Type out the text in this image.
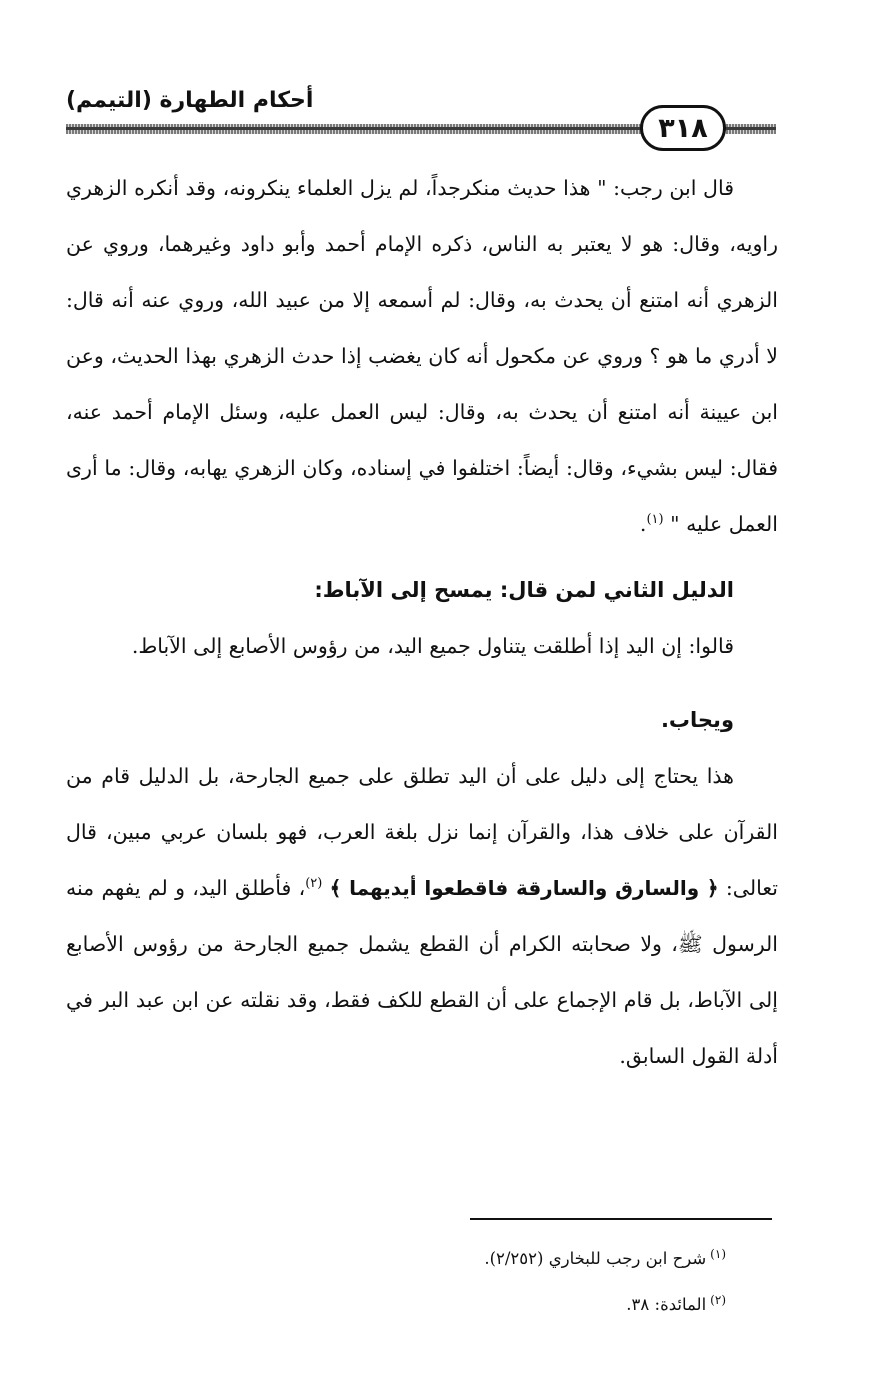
أحكام الطهارة (التيمم)
٣١٨

قال ابن رجب: " هذا حديث منكرجداً، لم يزل العلماء ينكرونه، وقد أنكره الزهري راويه، وقال: هو لا يعتبر به الناس، ذكره الإمام أحمد وأبو داود وغيرهما، وروي عن الزهري أنه امتنع أن يحدث به، وقال: لم أسمعه إلا من عبيد الله، وروي عنه أنه قال: لا أدري ما هو ؟ وروي عن مكحول أنه كان يغضب إذا حدث الزهري بهذا الحديث، وعن ابن عيينة أنه امتنع أن يحدث به، وقال: ليس العمل عليه، وسئل الإمام أحمد عنه، فقال: ليس بشيء، وقال: أيضاً: اختلفوا في إسناده، وكان الزهري يهابه، وقال: ما أرى العمل عليه " $^{(١)}$.

الدليل الثاني لمن قال: يمسح إلى الآباط:

قالوا: إن اليد إذا أطلقت يتناول جميع اليد، من رؤوس الأصابع إلى الآباط.

ويجاب.

هذا يحتاج إلى دليل على أن اليد تطلق على جميع الجارحة، بل الدليل قام من القرآن على خلاف هذا، والقرآن إنما نزل بلغة العرب، فهو بلسان عربي مبين، قال تعالى: ﴿ والسارق والسارقة فاقطعوا أيديهما ﴾ $^{(٢)}$، فأطلق اليد، و لم يفهم منه الرسول ﷺ، ولا صحابته الكرام أن القطع يشمل جميع الجارحة من رؤوس الأصابع إلى الآباط، بل قام الإجماع على أن القطع للكف فقط، وقد نقلته عن ابن عبد البر في أدلة القول السابق.

$^{(١)}$شرح ابن رجب للبخاري (٢/٢٥٢).

$^{(٢)}$المائدة: ٣٨.
